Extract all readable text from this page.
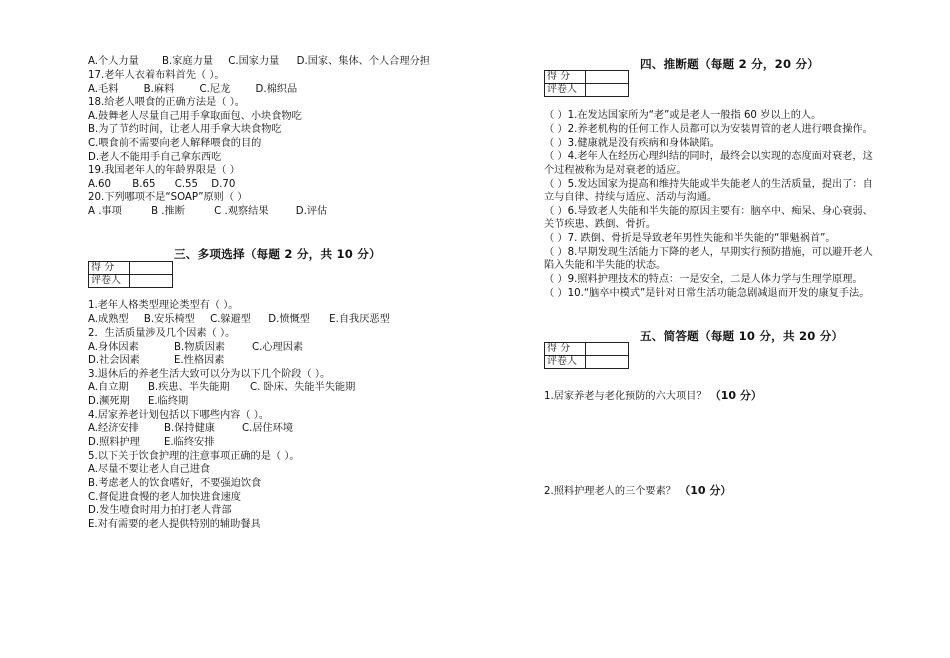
A.个人力量 B.家庭力量 C.国家力量 D.国家、集体、个人合理分担
17.老年人衣着布料首先（ ）。
A.毛料 B.麻料 C.尼龙 D.棉织品
18.给老人喂食的正确方法是（ ）。
A.鼓舞老人尽量自己用手拿取面包、小块食物吃
B.为了节约时间，让老人用手拿大块食物吃
C.喂食前不需要向老人解释喂食的目的
D.老人不能用手自己拿东西吃
19.我国老年人的年龄界限是（ ）
A.60 B.65 C.55 D.70
20.下列哪项不是“SOAP”原则（ ）
A .事项	B .推断	C .观察结果	D.评估
三、多项选择（每题 2 分，共 10 分）
得 分	
评卷人	
1.老年人格类型理论类型有（ ）。
A.成熟型 B.安乐椅型 C.躲避型 D.愤慨型 E.自我厌恶型
2．生活质量涉及几个因素（ ）。
A.身体因素	B.物质因素	C.心理因素
D.社会因素	E.性格因素
3.退休后的养老生活大致可以分为以下几个阶段（ ）。
A.自立期 B.疾患、半失能期 C. 卧床、失能半失能期
D.濒死期 E.临终期
4.居家养老计划包括以下哪些内容（ ）。
A.经济安排 B.保持健康	C.居住环境
D.照料护理 E.临终安排
5.以下关于饮食护理的注意事项正确的是（ ）。
A.尽量不要让老人自己进食
B.考虑老人的饮食嗜好，不要强迫饮食
C.督促进食慢的老人加快进食速度
D.发生噎食时用力拍打老人背部
E.对有需要的老人提供特别的辅助餐具
四、推断题（每题 2 分，20 分）
得 分	
评卷人	
（ ）1.在发达国家所为“老”或是老人一般指 60 岁以上的人。
（ ）2.养老机构的任何工作人员都可以为安装胃管的老人进行喂食操作。
（ ）3.健康就是没有疾病和身体缺陷。
（ ）4.老年人在经历心理纠结的同时，最终会以实现的态度面对衰老，这
个过程被称为是对衰老的适应。
（ ）5.发达国家为提高和维持失能或半失能老人的生活质量，提出了：自
立与自律、持续与适应、活动与沟通。
（ ）6.导致老人失能和半失能的原因主要有：脑卒中、痴呆、身心衰弱、
关节疾患、跌倒、骨折。
（ ）7. 跌倒、骨折是导致老年男性失能和半失能的“罪魁祸首”。
（ ）8.早期发现生活能力下降的老人，早期实行预防措施，可以避开老人
陷入失能和半失能的状态。
（ ）9.照料护理技术的特点：一是安全，二是人体力学与生理学原理。
（ ）10.“脑卒中模式”是针对日常生活功能急剧减退而开发的康复手法。
五、简答题（每题 10 分，共 20 分）
得 分	
评卷人	
1.居家养老与老化预防的六大项目？ （10 分）
2.照料护理老人的三个要素？ （10 分）
